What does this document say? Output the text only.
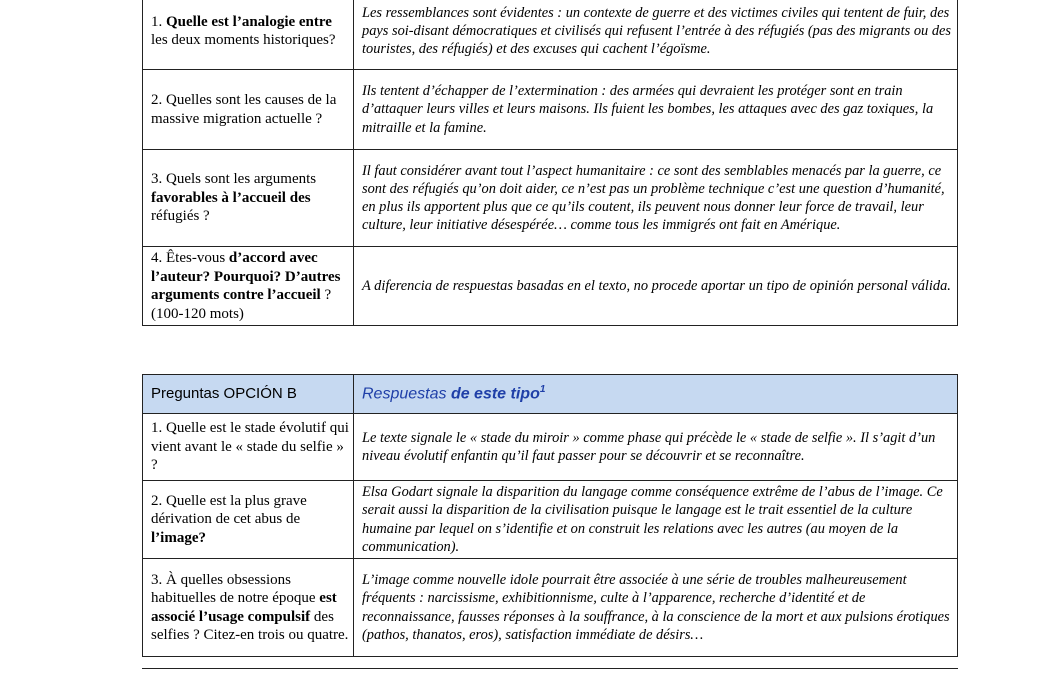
1. Quelle est l’analogie entre les deux moments historiques?	Les ressemblances sont évidentes : un contexte de guerre et des victimes civiles qui tentent de fuir, des pays soi-disant démocratiques et civilisés qui refusent l’entrée à des réfugiés (pas des migrants ou des touristes, des réfugiés) et des excuses qui cachent l’égoïsme.
2. Quelles sont les causes de la massive migration actuelle ?	Ils tentent d’échapper de l’extermination : des armées qui devraient les protéger sont en train d’attaquer leurs villes et leurs maisons. Ils fuient les bombes, les attaques avec des gaz toxiques, la mitraille et la famine.
3. Quels sont les arguments favorables à l’accueil des réfugiés ?	Il faut considérer avant tout l’aspect humanitaire : ce sont des semblables menacés par la guerre, ce sont des réfugiés qu’on doit aider, ce n’est pas un problème technique c’est une question d’humanité, en plus ils apportent plus que ce qu’ils coutent, ils peuvent nous donner leur force de travail, leur culture, leur initiative désespérée… comme tous les immigrés ont fait en Amérique.
4. Êtes-vous d’accord avec l’auteur? Pourquoi? D’autres arguments contre l’accueil ? (100-120 mots)	A diferencia de respuestas basadas en el texto, no procede aportar un tipo de opinión personal válida.
Preguntas OPCIÓN B	Respuestas de este tipo$^1$
1. Quelle est le stade évolutif qui vient avant le « stade du selfie » ?	Le texte signale le « stade du miroir » comme phase qui précède le « stade de selfie ». Il s’agit d’un niveau évolutif enfantin qu’il faut passer pour se découvrir et se reconnaître.
2. Quelle est la plus grave dérivation de cet abus de l’image?	Elsa Godart signale la disparition du langage comme conséquence extrême de l’abus de l’image. Ce serait aussi la disparition de la civilisation puisque le langage est le trait essentiel de la culture humaine par lequel on s’identifie et on construit les relations avec les autres (au moyen de la communication).
3. À quelles obsessions habituelles de notre époque est associé l’usage compulsif des selfies ? Citez-en trois ou quatre.	L’image comme nouvelle idole pourrait être associée à une série de troubles malheureusement fréquents : narcissisme, exhibitionnisme, culte à l’apparence, recherche d’identité et de reconnaissance, fausses réponses à la souffrance, à la conscience de la mort et aux pulsions érotiques (pathos, thanatos, eros), satisfaction immédiate de désirs…
